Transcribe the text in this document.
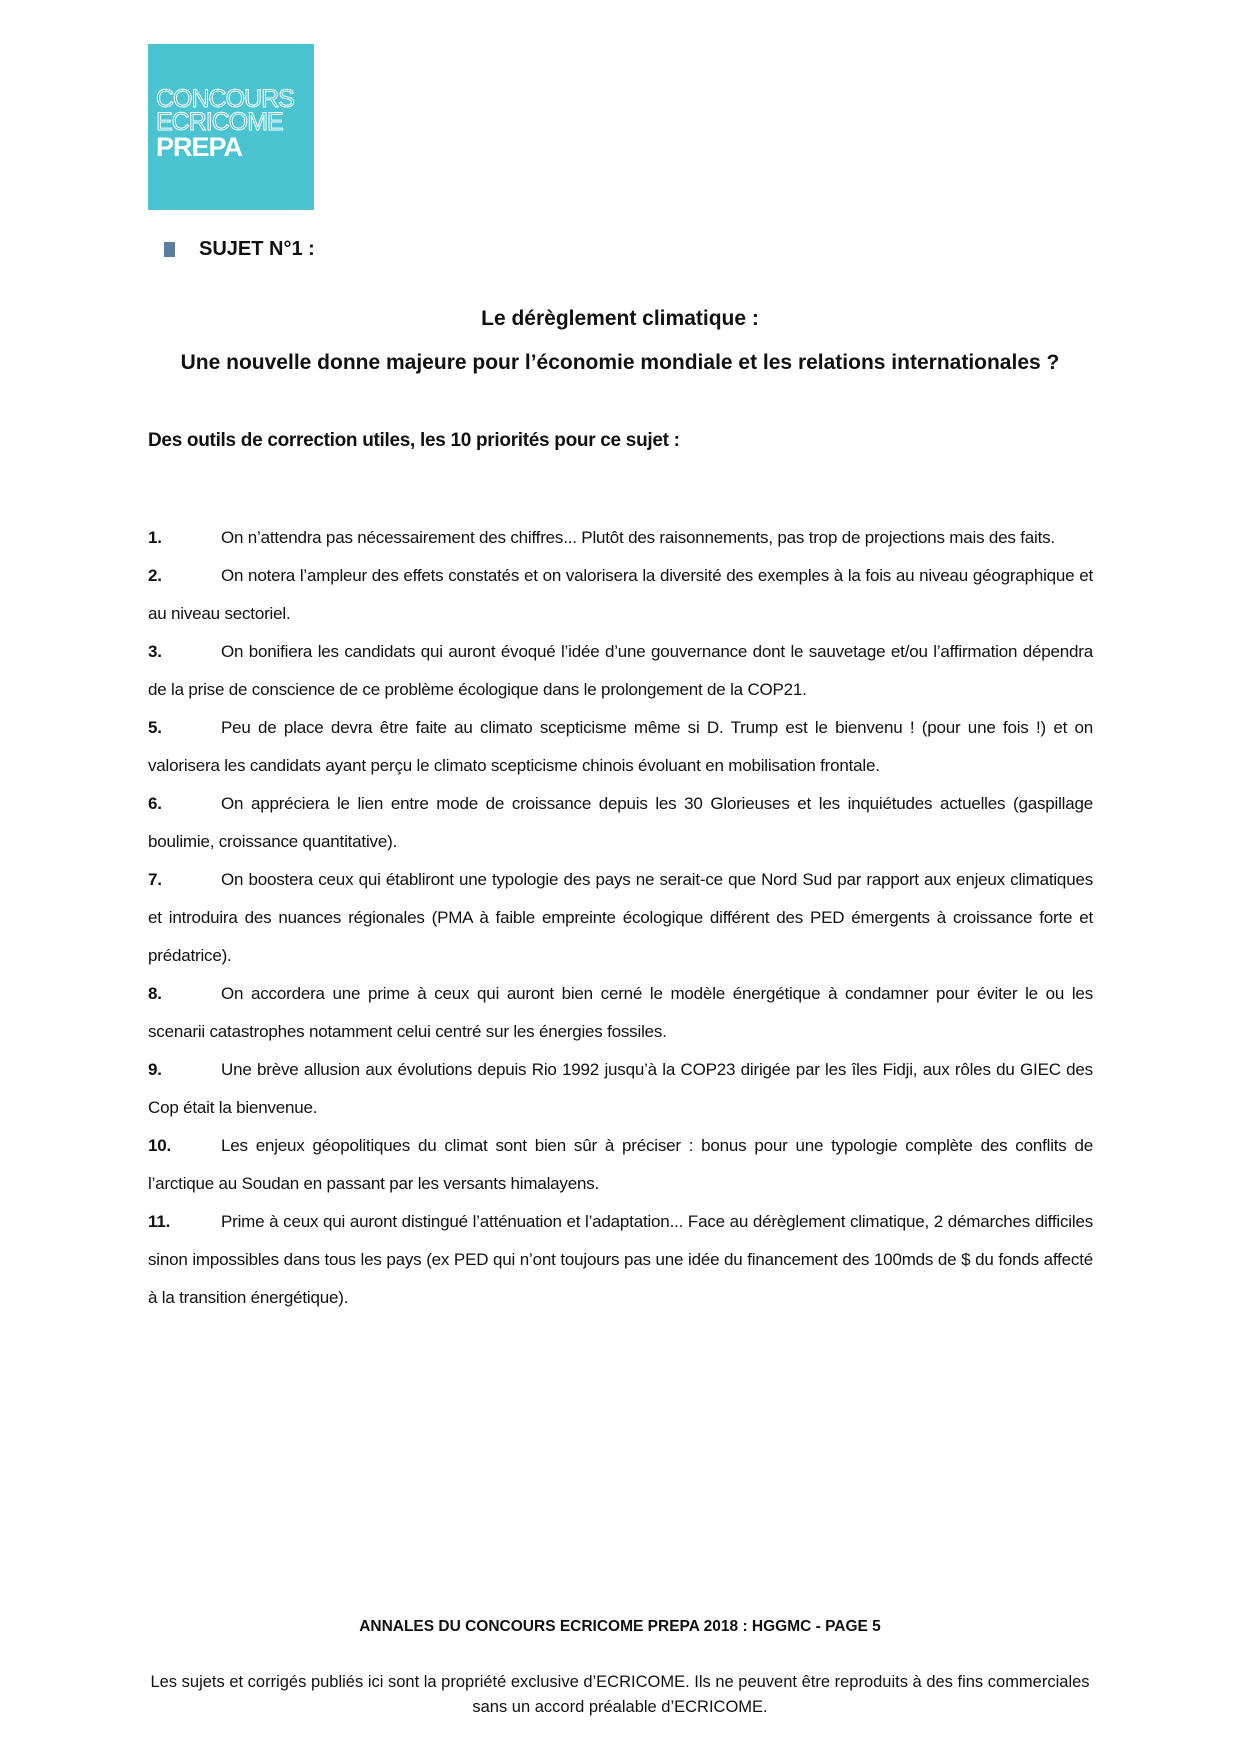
CONCOURS
ECRICOME
PREPA
SUJET N°1 :
Le dérèglement climatique :
Une nouvelle donne majeure pour l’économie mondiale et les relations internationales ?
Des outils de correction utiles, les 10 priorités pour ce sujet :
1.	On n’attendra pas nécessairement des chiffres... Plutôt des raisonnements, pas trop de projections mais des faits.
2.	On notera l’ampleur des effets constatés et on valorisera la diversité des exemples à la fois au niveau géographique et au niveau sectoriel.
3.	On bonifiera les candidats qui auront évoqué l’idée d’une gouvernance dont le sauvetage et/ou l’affirmation dépendra de la prise de conscience de ce problème écologique dans le prolongement de la COP21.
5.	Peu de place devra être faite au climato scepticisme même si D. Trump est le bienvenu ! (pour une fois !) et on valorisera les candidats ayant perçu le climato scepticisme chinois évoluant en mobilisation frontale.
6.	On appréciera le lien entre mode de croissance depuis les 30 Glorieuses et les inquiétudes actuelles (gaspillage boulimie, croissance quantitative).
7.	On boostera ceux qui établiront une typologie des pays ne serait-ce que Nord Sud par rapport aux enjeux climatiques et introduira des nuances régionales (PMA à faible empreinte écologique différent des PED émergents à croissance forte et prédatrice).
8.	On accordera une prime à ceux qui auront bien cerné le modèle énergétique à condamner pour éviter le ou les scenarii catastrophes notamment celui centré sur les énergies fossiles.
9.	Une brève allusion aux évolutions depuis Rio 1992 jusqu’à la COP23 dirigée par les îles Fidji, aux rôles du GIEC des Cop était la bienvenue.
10.	Les enjeux géopolitiques du climat sont bien sûr à préciser : bonus pour une typologie complète des conflits de l’arctique au Soudan en passant par les versants himalayens.
11.	Prime à ceux qui auront distingué l’atténuation et l’adaptation... Face au dérèglement climatique, 2 démarches difficiles sinon impossibles dans tous les pays (ex PED qui n’ont toujours pas une idée du financement des 100mds de $ du fonds affecté à la transition énergétique).
ANNALES DU CONCOURS ECRICOME PREPA 2018 : HGGMC - PAGE 5
Les sujets et corrigés publiés ici sont la propriété exclusive d’ECRICOME. Ils ne peuvent être reproduits à des fins commerciales sans un accord préalable d’ECRICOME.
